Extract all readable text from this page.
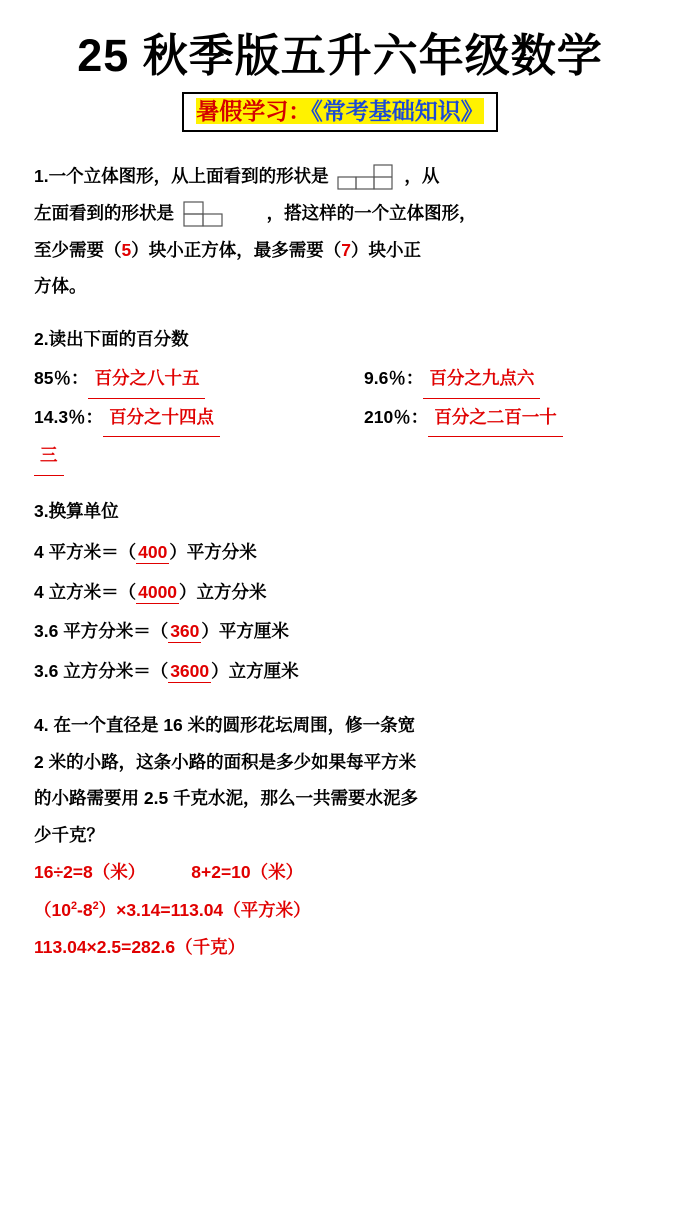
25 秋季版五升六年级数学
暑假学习：《常考基础知识》
1.一个立体图形，从上面看到的形状是	，从
左面看到的形状是	，搭这样的一个立体图形，
至少需要（5）块小正方体，最多需要（7）块小正
方体。
2.读出下面的百分数
85％： 百分之八十五	9.6％： 百分之九点六
14.3％： 百分之十四点	210％： 百分之二百一十
三
3.换算单位
4 平方米＝（ 400 ）平方分米
4 立方米＝（ 4000 ）立方分米
3.6 平方分米＝（ 360 ）平方厘米
3.6 立方分米＝（ 3600 ）立方厘米
4. 在一个直径是 16 米的圆形花坛周围，修一条宽
2 米的小路，这条小路的面积是多少如果每平方米
的小路需要用 2.5 千克水泥，那么一共需要水泥多
少千克？
16÷2=8（米）	8+2=10（米）
$(10^2-8^2)\times 3.14=113.04$（平方米）
113.04×2.5=282.6（千克）
